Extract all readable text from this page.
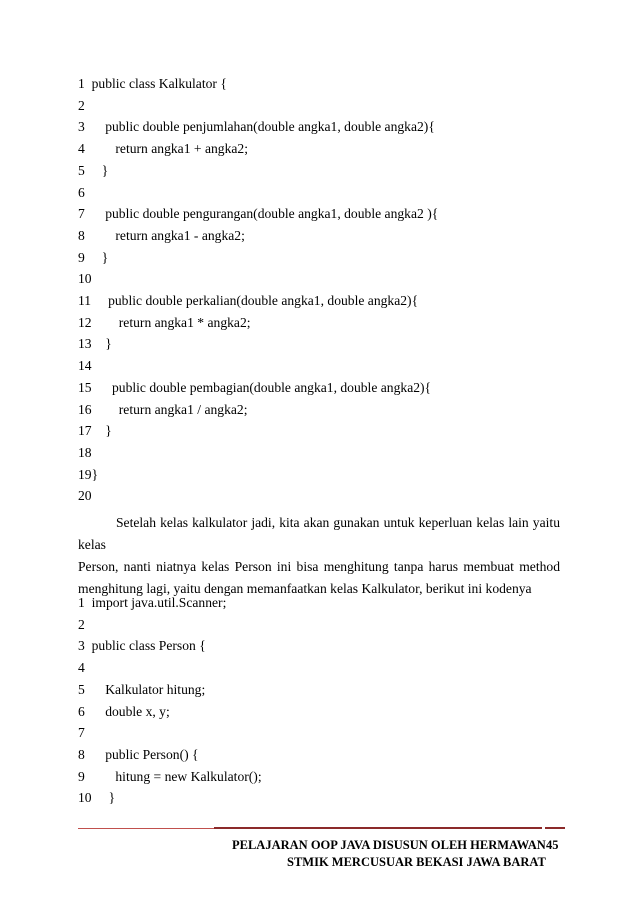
1  public class Kalkulator {
2
3      public double penjumlahan(double angka1, double angka2){
4         return angka1 + angka2;
5     }
6
7      public double pengurangan(double angka1, double angka2 ){
8         return angka1 - angka2;
9     }
10
11     public double perkalian(double angka1, double angka2){
12        return angka1 * angka2;
13    }
14
15      public double pembagian(double angka1, double angka2){
16        return angka1 / angka2;
17    }
18
19}
20
Setelah kelas kalkulator jadi, kita akan gunakan untuk keperluan kelas lain yaitu kelas
Person, nanti niatnya kelas Person ini bisa menghitung tanpa harus membuat method
menghitung lagi, yaitu dengan memanfaatkan kelas Kalkulator, berikut ini kodenya
1  import java.util.Scanner;
2
3  public class Person {
4
5      Kalkulator hitung;
6      double x, y;
7
8      public Person() {
9         hitung = new Kalkulator();
10     }
PELAJARAN OOP JAVA DISUSUN OLEH HERMAWAN 45
STMIK MERCUSUAR BEKASI JAWA BARAT
